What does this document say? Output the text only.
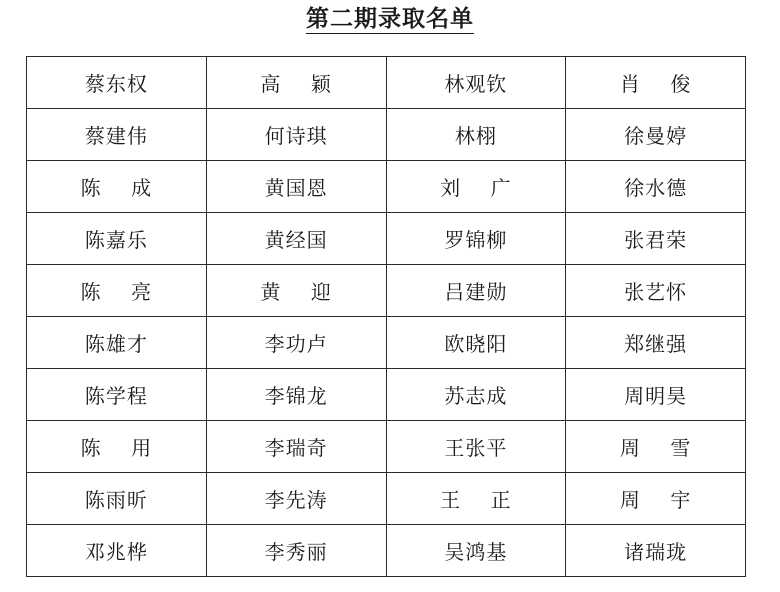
第二期录取名单
蔡东权	高    颖	林观钦	肖    俊
蔡建伟	何诗琪	林栩	徐曼婷
陈    成	黄国恩	刘    广	徐水德
陈嘉乐	黄经国	罗锦柳	张君荣
陈    亮	黄    迎	吕建勋	张艺怀
陈雄才	李功卢	欧晓阳	郑继强
陈学程	李锦龙	苏志成	周明昊
陈    用	李瑞奇	王张平	周    雪
陈雨昕	李先涛	王    正	周    宇
邓兆桦	李秀丽	吴鸿基	诸瑞珑
